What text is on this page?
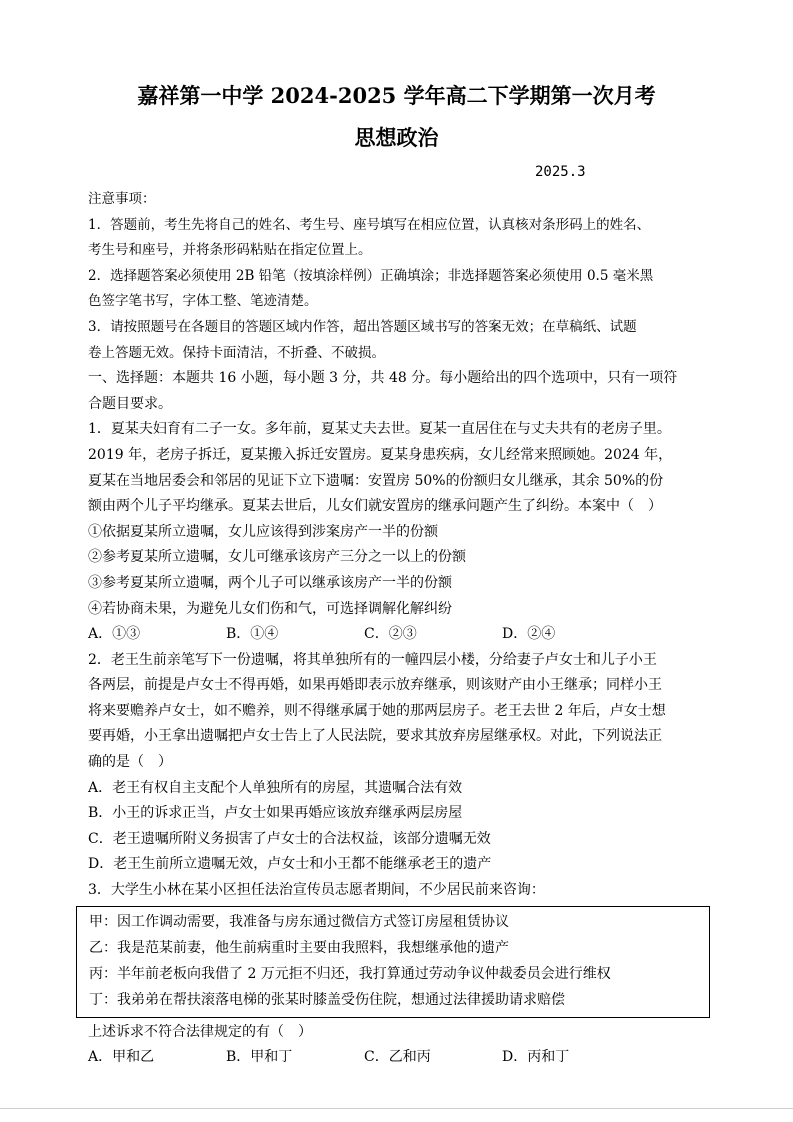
嘉祥第一中学 2024-2025 学年高二下学期第一次月考
思想政治
2025.3
注意事项：
1．答题前，考生先将自己的姓名、考生号、座号填写在相应位置，认真核对条形码上的姓名、
考生号和座号，并将条形码粘贴在指定位置上。
2．选择题答案必须使用 2B 铅笔（按填涂样例）正确填涂；非选择题答案必须使用 0.5 毫米黑
色签字笔书写，字体工整、笔迹清楚。
3．请按照题号在各题目的答题区域内作答，超出答题区域书写的答案无效；在草稿纸、试题
卷上答题无效。保持卡面清洁，不折叠、不破损。
一、选择题：本题共 16 小题，每小题 3 分，共 48 分。每小题给出的四个选项中，只有一项符
合题目要求。
1．夏某夫妇育有二子一女。多年前，夏某丈夫去世。夏某一直居住在与丈夫共有的老房子里。
2019 年，老房子拆迁，夏某搬入拆迁安置房。夏某身患疾病，女儿经常来照顾她。2024 年，
夏某在当地居委会和邻居的见证下立下遗嘱：安置房 50%的份额归女儿继承，其余 50%的份
额由两个儿子平均继承。夏某去世后，儿女们就安置房的继承问题产生了纠纷。本案中（　）
①依据夏某所立遗嘱，女儿应该得到涉案房产一半的份额
②参考夏某所立遗嘱，女儿可继承该房产三分之一以上的份额
③参考夏某所立遗嘱，两个儿子可以继承该房产一半的份额
④若协商未果，为避免儿女们伤和气，可选择调解化解纠纷
A．①③	B．①④	C．②③	D．②④
2．老王生前亲笔写下一份遗嘱，将其单独所有的一幢四层小楼，分给妻子卢女士和儿子小王
各两层，前提是卢女士不得再婚，如果再婚即表示放弃继承，则该财产由小王继承；同样小王
将来要赡养卢女士，如不赡养，则不得继承属于她的那两层房子。老王去世 2 年后，卢女士想
要再婚，小王拿出遗嘱把卢女士告上了人民法院，要求其放弃房屋继承权。对此，下列说法正
确的是（　）
A．老王有权自主支配个人单独所有的房屋，其遗嘱合法有效
B．小王的诉求正当，卢女士如果再婚应该放弃继承两层房屋
C．老王遗嘱所附义务损害了卢女士的合法权益，该部分遗嘱无效
D．老王生前所立遗嘱无效，卢女士和小王都不能继承老王的遗产
3．大学生小林在某小区担任法治宣传员志愿者期间，不少居民前来咨询：
甲：因工作调动需要，我准备与房东通过微信方式签订房屋租赁协议
乙：我是范某前妻，他生前病重时主要由我照料，我想继承他的遗产
丙：半年前老板向我借了 2 万元拒不归还，我打算通过劳动争议仲裁委员会进行维权
丁：我弟弟在帮扶滚落电梯的张某时膝盖受伤住院，想通过法律援助请求赔偿
上述诉求不符合法律规定的有（　）
A．甲和乙	B．甲和丁	C．乙和丙	D．丙和丁
